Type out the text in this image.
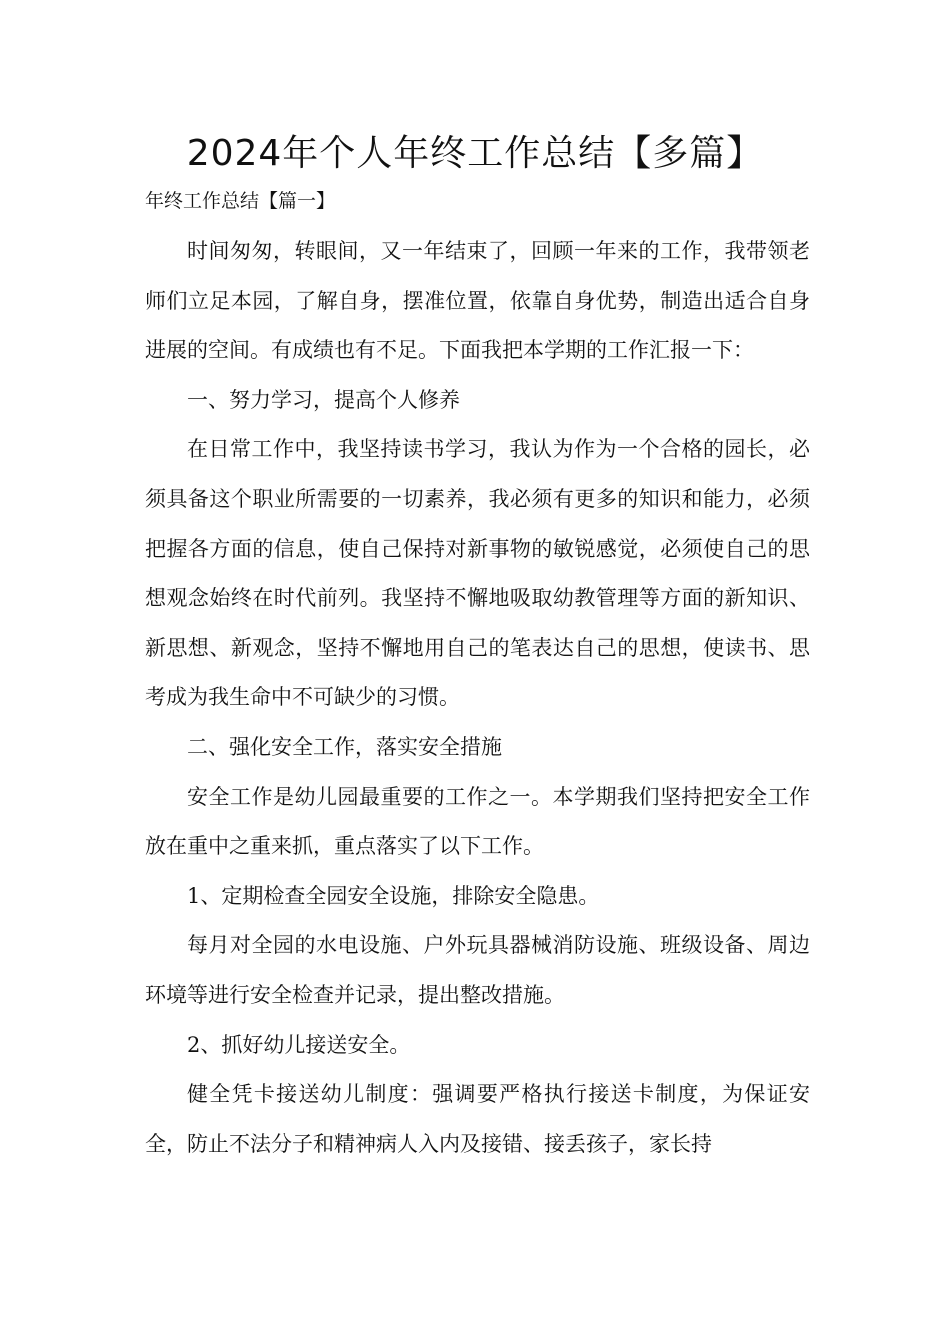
2024年个人年终工作总结【多篇】
年终工作总结【篇一】

时间匆匆，转眼间，又一年结束了，回顾一年来的工作，我带领老师们立足本园，了解自身，摆准位置，依靠自身优势，制造出适合自身进展的空间。有成绩也有不足。下面我把本学期的工作汇报一下：

一、努力学习，提高个人修养

在日常工作中，我坚持读书学习，我认为作为一个合格的园长，必须具备这个职业所需要的一切素养，我必须有更多的知识和能力，必须把握各方面的信息，使自己保持对新事物的敏锐感觉，必须使自己的思想观念始终在时代前列。我坚持不懈地吸取幼教管理等方面的新知识、新思想、新观念，坚持不懈地用自己的笔表达自己的思想，使读书、思考成为我生命中不可缺少的习惯。

二、强化安全工作，落实安全措施

安全工作是幼儿园最重要的工作之一。本学期我们坚持把安全工作放在重中之重来抓，重点落实了以下工作。

1、定期检查全园安全设施，排除安全隐患。

每月对全园的水电设施、户外玩具器械消防设施、班级设备、周边环境等进行安全检查并记录，提出整改措施。

2、抓好幼儿接送安全。

健全凭卡接送幼儿制度：强调要严格执行接送卡制度，为保证安全，防止不法分子和精神病人入内及接错、接丢孩子，家长持
